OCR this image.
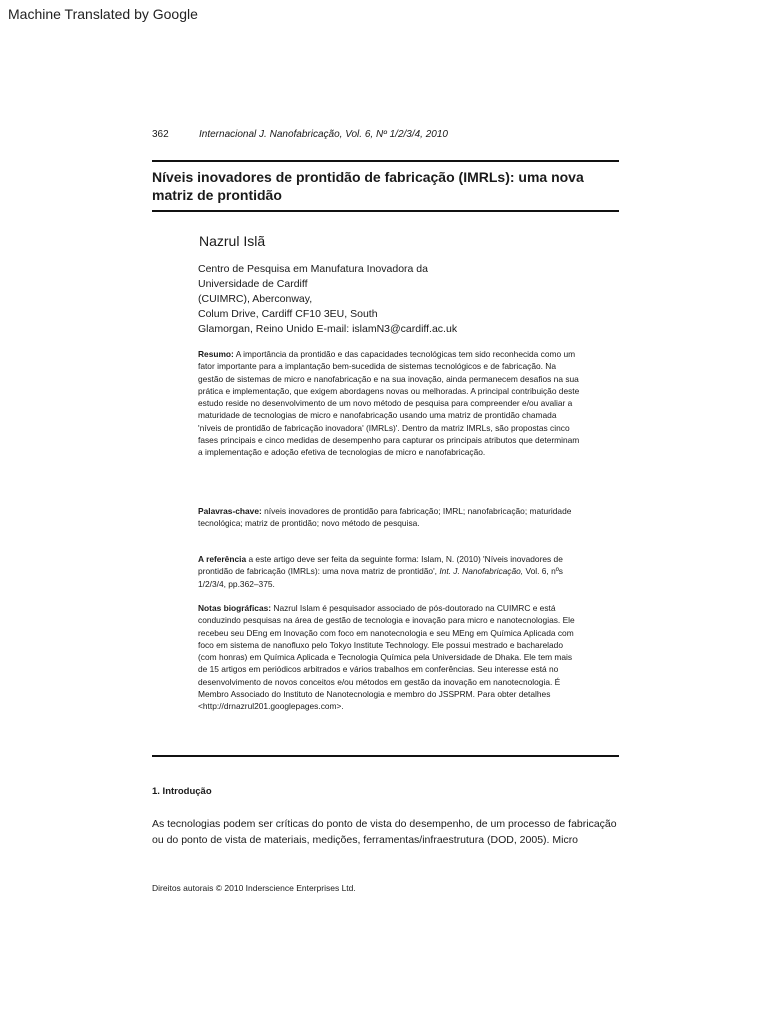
Machine Translated by Google
362	Internacional J. Nanofabricação, Vol. 6, Nº 1/2/3/4, 2010
Níveis inovadores de prontidão de fabricação (IMRLs): uma nova matriz de prontidão
Nazrul Islã
Centro de Pesquisa em Manufatura Inovadora da
Universidade de Cardiff
(CUIMRC), Aberconway,
Colum Drive, Cardiff CF10 3EU, South
Glamorgan, Reino Unido E-mail: islamN3@cardiff.ac.uk
Resumo: A importância da prontidão e das capacidades tecnológicas tem sido reconhecida como um fator importante para a implantação bem-sucedida de sistemas tecnológicos e de fabricação. Na gestão de sistemas de micro e nanofabricação e na sua inovação, ainda permanecem desafios na sua prática e implementação, que exigem abordagens novas ou melhoradas. A principal contribuição deste estudo reside no desenvolvimento de um novo método de pesquisa para compreender e/ou avaliar a maturidade de tecnologias de micro e nanofabricação usando uma matriz de prontidão chamada 'níveis de prontidão de fabricação inovadora' (IMRLs)'. Dentro da matriz IMRLs, são propostas cinco fases principais e cinco medidas de desempenho para capturar os principais atributos que determinam a implementação e adoção efetiva de tecnologias de micro e nanofabricação.
Palavras-chave: níveis inovadores de prontidão para fabricação; IMRL; nanofabricação; maturidade tecnológica; matriz de prontidão; novo método de pesquisa.
A referência a este artigo deve ser feita da seguinte forma: Islam, N. (2010) 'Níveis inovadores de prontidão de fabricação (IMRLs): uma nova matriz de prontidão', Int. J. Nanofabricação, Vol. 6, nºs 1/2/3/4, pp.362–375.
Notas biográficas: Nazrul Islam é pesquisador associado de pós-doutorado na CUIMRC e está conduzindo pesquisas na área de gestão de tecnologia e inovação para micro e nanotecnologias. Ele recebeu seu DEng em Inovação com foco em nanotecnologia e seu MEng em Química Aplicada com foco em sistema de nanofluxo pelo Tokyo Institute Technology. Ele possui mestrado e bacharelado (com honras) em Química Aplicada e Tecnologia Química pela Universidade de Dhaka. Ele tem mais de 15 artigos em periódicos arbitrados e vários trabalhos em conferências. Seu interesse está no desenvolvimento de novos conceitos e/ou métodos em gestão da inovação em nanotecnologia. É Membro Associado do Instituto de Nanotecnologia e membro do JSSPRM. Para obter detalhes <http://drnazrul201.googlepages.com>.
1. Introdução
As tecnologias podem ser críticas do ponto de vista do desempenho, de um processo de fabricação ou do ponto de vista de materiais, medições, ferramentas/infraestrutura (DOD, 2005). Micro
Direitos autorais © 2010 Inderscience Enterprises Ltd.
